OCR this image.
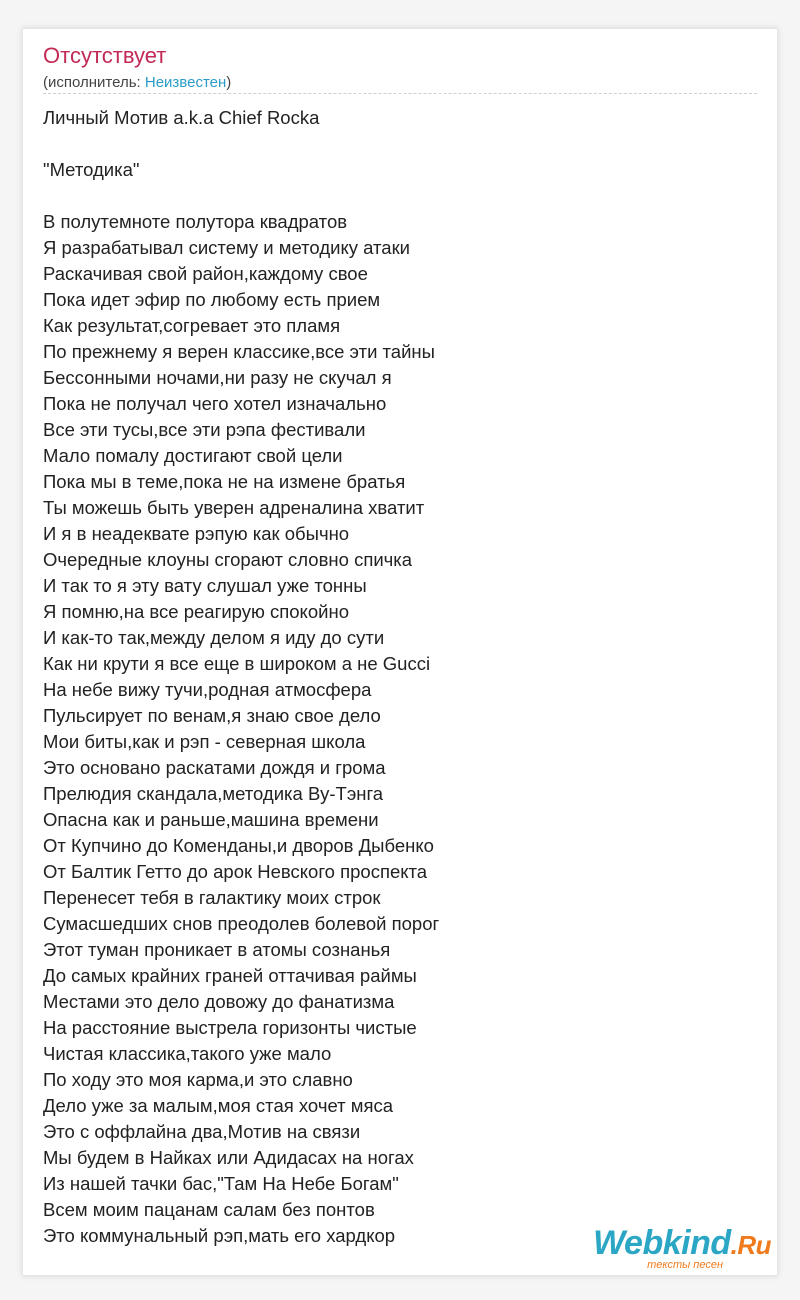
Отсутствует
(исполнитель: Неизвестен)
Личный Мотив a.k.a Chief Rocka
"Методика"
В полутемноте полутора квадратов
Я разрабатывал систему и методику атаки
Раскачивая свой район,каждому свое
Пока идет эфир по любому есть прием
Как результат,согревает это пламя
По прежнему я верен классике,все эти тайны
Бессонными ночами,ни разу не скучал я
Пока не получал чего хотел изначально
Все эти тусы,все эти рэпа фестивали
Мало помалу достигают свой цели
Пока мы в теме,пока не на измене братья
Ты можешь быть уверен адреналина хватит
И я в неадеквате рэпую как обычно
Очередные клоуны сгорают словно спичка
И так то я эту вату слушал уже тонны
Я помню,на все реагирую спокойно
И как-то так,между делом я иду до сути
Как ни крути я все еще в широком а не Gucci
На небе вижу тучи,родная атмосфера
Пульсирует по венам,я знаю свое дело
Мои биты,как и рэп - северная школа
Это основано раскатами дождя и грома
Прелюдия скандала,методика Ву-Тэнга
Опасна как и раньше,машина времени
От Купчино до Коменданы,и дворов Дыбенко
От Балтик Гетто до арок Невского проспекта
Перенесет тебя в галактику моих строк
Сумасшедших снов преодолев болевой порог
Этот туман проникает в атомы сознанья
До самых крайних граней оттачивая раймы
Местами это дело довожу до фанатизма
На расстояние выстрела горизонты чистые
Чистая классика,такого уже мало
По ходу это моя карма,и это славно
Дело уже за малым,моя стая хочет мяса
Это с оффлайна два,Мотив на связи
Мы будем в Найках или Адидасах на ногах
Из нашей тачки бас,"Там На Небе Богам"
Всем моим пацанам салам без понтов
Это коммунальный рэп,мать его хардкор	Webkind.Ru
тексты песен
